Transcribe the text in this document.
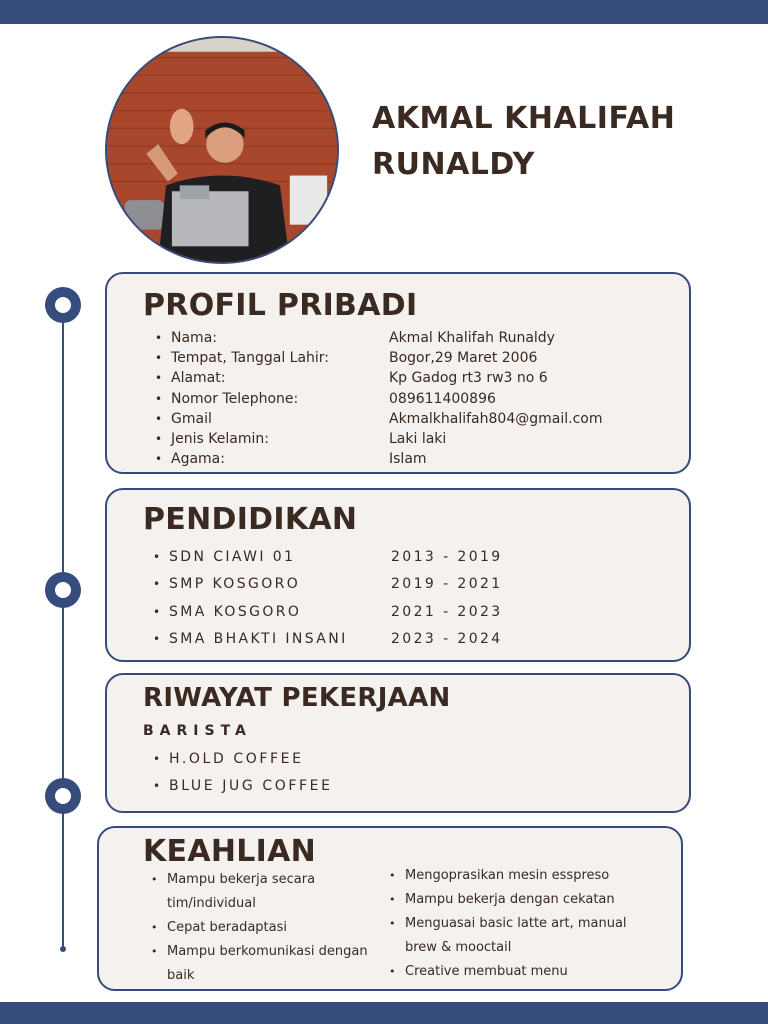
AKMAL KHALIFAH
RUNALDY
PROFIL PRIBADI
• Nama:	Akmal Khalifah Runaldy
• Tempat, Tanggal Lahir:	Bogor,29 Maret 2006
• Alamat:	Kp Gadog rt3 rw3 no 6
• Nomor Telephone:	089611400896
• Gmail	Akmalkhalifah804@gmail.com
• Jenis Kelamin:	Laki laki
• Agama:	Islam
PENDIDIKAN
• SDN CIAWI 01	2013 - 2019
• SMP KOSGORO	2019 - 2021
• SMA KOSGORO	2021 - 2023
• SMA BHAKTI INSANI	2023 - 2024
RIWAYAT PEKERJAAN
BARISTA
• H.OLD COFFEE
• BLUE JUG COFFEE
KEAHLIAN
• Mampu bekerja secara tim/individual
• Cepat beradaptasi
• Mampu berkomunikasi dengan baik
• Mengoprasikan mesin esspreso
• Mampu bekerja dengan cekatan
• Menguasai basic latte art, manual brew & mooctail
• Creative membuat menu
